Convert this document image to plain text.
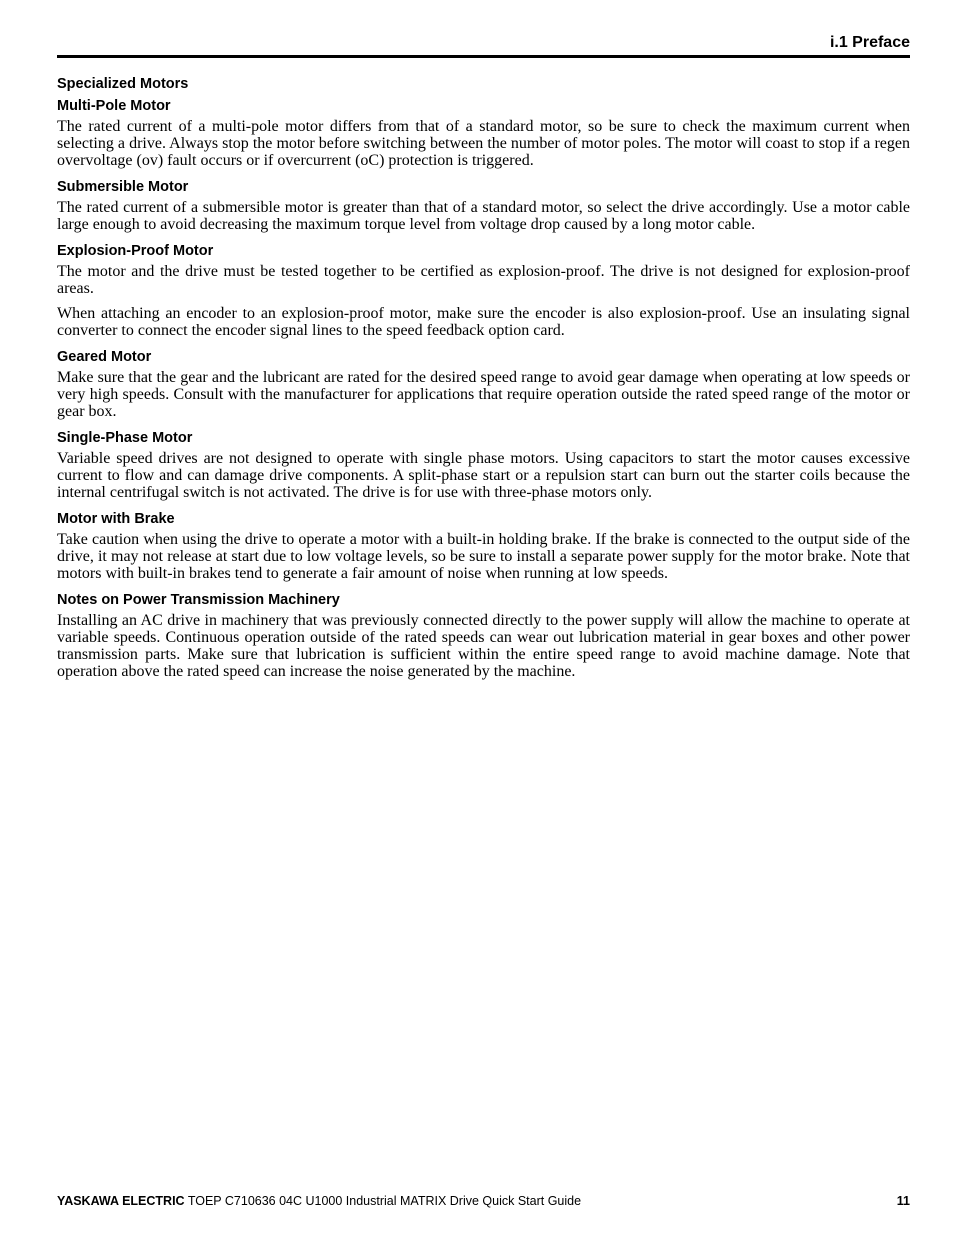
i.1 Preface
Specialized Motors
Multi-Pole Motor

The rated current of a multi-pole motor differs from that of a standard motor, so be sure to check the maximum current when selecting a drive. Always stop the motor before switching between the number of motor poles. The motor will coast to stop if a regen overvoltage (ov) fault occurs or if overcurrent (oC) protection is triggered.

Submersible Motor

The rated current of a submersible motor is greater than that of a standard motor, so select the drive accordingly. Use a motor cable large enough to avoid decreasing the maximum torque level from voltage drop caused by a long motor cable.

Explosion-Proof Motor

The motor and the drive must be tested together to be certified as explosion-proof. The drive is not designed for explosion-proof areas.

When attaching an encoder to an explosion-proof motor, make sure the encoder is also explosion-proof. Use an insulating signal converter to connect the encoder signal lines to the speed feedback option card.

Geared Motor

Make sure that the gear and the lubricant are rated for the desired speed range to avoid gear damage when operating at low speeds or very high speeds. Consult with the manufacturer for applications that require operation outside the rated speed range of the motor or gear box.

Single-Phase Motor

Variable speed drives are not designed to operate with single phase motors. Using capacitors to start the motor causes excessive current to flow and can damage drive components. A split-phase start or a repulsion start can burn out the starter coils because the internal centrifugal switch is not activated. The drive is for use with three-phase motors only.

Motor with Brake

Take caution when using the drive to operate a motor with a built-in holding brake. If the brake is connected to the output side of the drive, it may not release at start due to low voltage levels, so be sure to install a separate power supply for the motor brake. Note that motors with built-in brakes tend to generate a fair amount of noise when running at low speeds.

Notes on Power Transmission Machinery

Installing an AC drive in machinery that was previously connected directly to the power supply will allow the machine to operate at variable speeds. Continuous operation outside of the rated speeds can wear out lubrication material in gear boxes and other power transmission parts. Make sure that lubrication is sufficient within the entire speed range to avoid machine damage. Note that operation above the rated speed can increase the noise generated by the machine.

YASKAWA ELECTRIC TOEP C710636 04C U1000 Industrial MATRIX Drive Quick Start Guide	11
